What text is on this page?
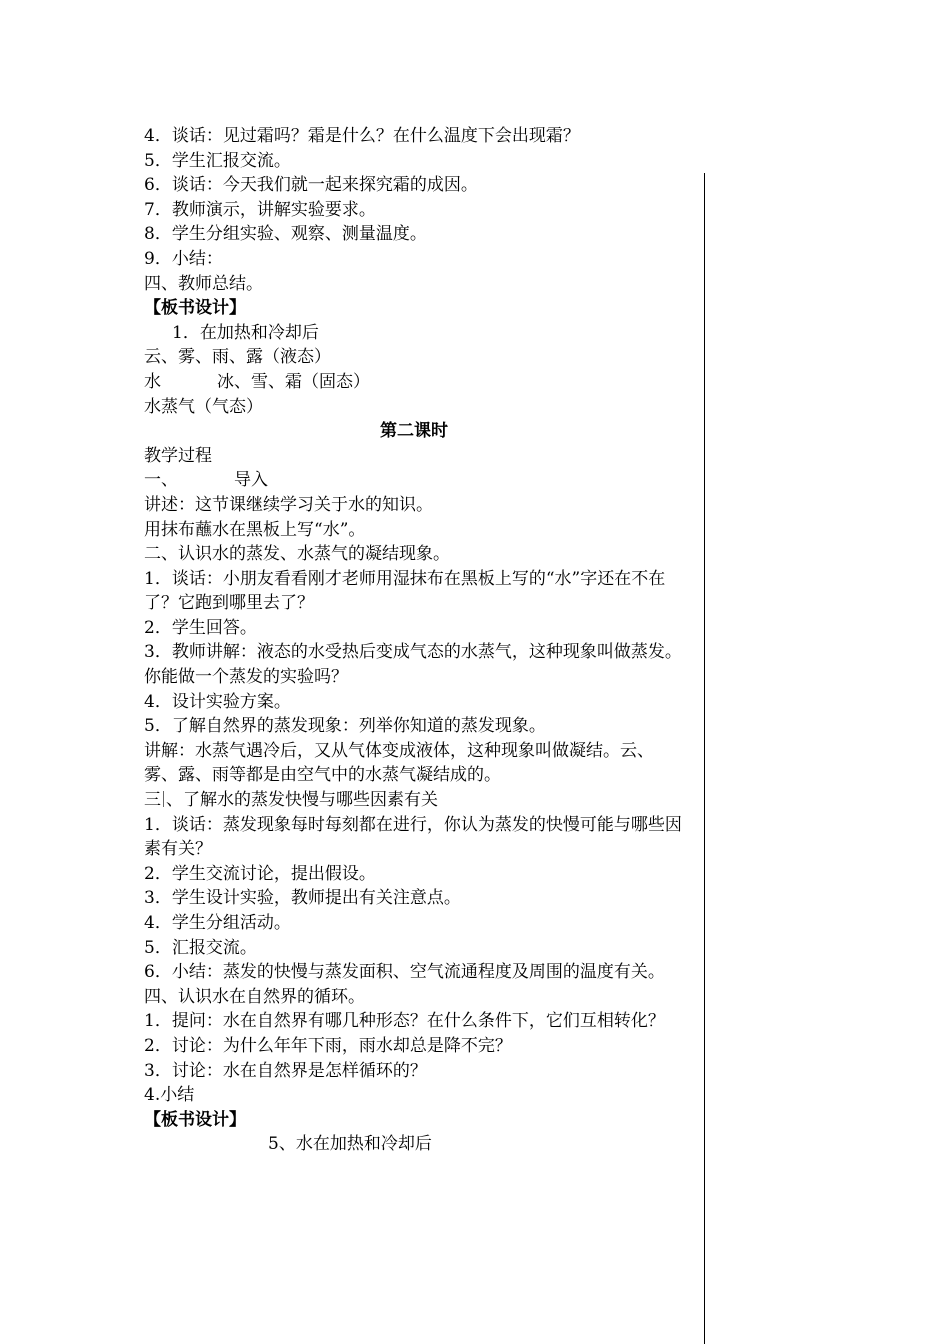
4．谈话：见过霜吗？霜是什么？在什么温度下会出现霜？
5．学生汇报交流。
6．谈话：今天我们就一起来探究霜的成因。
7．教师演示，讲解实验要求。
8．学生分组实验、观察、测量温度。
9．小结：
四、教师总结。
【板书设计】
1．在加热和冷却后
云、雾、雨、露（液态）
水	冰、雪、霜（固态）
水蒸气（气态）
第二课时
教学过程
一、	导入
讲述：这节课继续学习关于水的知识。
用抹布蘸水在黑板上写“水”。
二、认识水的蒸发、水蒸气的凝结现象。
1．谈话：小朋友看看刚才老师用湿抹布在黑板上写的“水”字还在不在了？它跑到哪里去了？
2．学生回答。
3．教师讲解：液态的水受热后变成气态的水蒸气，这种现象叫做蒸发。你能做一个蒸发的实验吗？
4．设计实验方案。
5．了解自然界的蒸发现象：列举你知道的蒸发现象。
讲解：水蒸气遇冷后，又从气体变成液体，这种现象叫做凝结。云、雾、露、雨等都是由空气中的水蒸气凝结成的。
三 、了解水的蒸发快慢与哪些因素有关
1．谈话：蒸发现象每时每刻都在进行，你认为蒸发的快慢可能与哪些因素有关？
2．学生交流讨论，提出假设。
3．学生设计实验，教师提出有关注意点。
4．学生分组活动。
5．汇报交流。
6．小结：蒸发的快慢与蒸发面积、空气流通程度及周围的温度有关。
四、认识水在自然界的循环。
1．提问：水在自然界有哪几种形态？在什么条件下，它们互相转化？
2．讨论：为什么年年下雨，雨水却总是降不完？
3．讨论：水在自然界是怎样循环的？
4.小结
【板书设计】
5、水在加热和冷却后
